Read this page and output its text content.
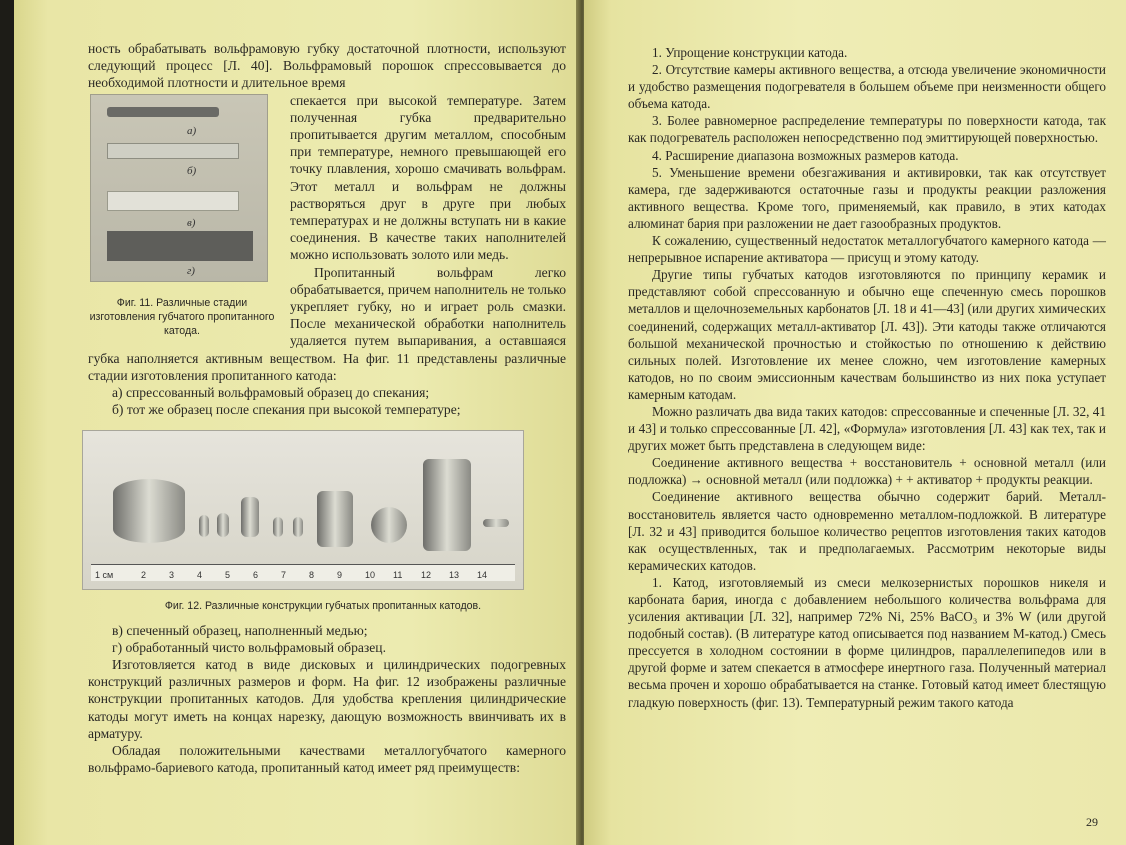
ность обрабатывать вольфрамовую губку достаточной плотности, используют следующий процесс [Л. 40]. Вольфрамовый порошок спрессовывается до необходимой плотности и длительное время

а)
б)
в)
г)
Фиг. 11. Различные стадии изготовления губчатого пропитанного катода.

спекается при высокой температуре. Затем полученная губка предварительно пропитывается другим металлом, способным при температуре, немного превышающей его точку плавления, хорошо смачивать вольфрам. Этот металл и вольфрам не должны растворяться друг в друге при любых температурах и не должны вступать ни в какие соединения. В качестве таких наполнителей можно использовать золото или медь.

Пропитанный вольфрам легко обрабатывается, причем наполнитель не только укрепляет губку, но и играет роль смазки. После механической обработки наполнитель удаляется путем выпаривания, а оставшаяся губка наполняется активным веществом. На фиг. 11 представлены различные стадии изготовления пропитанного катода:

а) спрессованный вольфрамовый образец до спекания;

б) тот же образец после спекания при высокой температуре;

1 см	2	3	4	5	6	7	8	9	10 11 12 13 14
Фиг. 12. Различные конструкции губчатых пропитанных катодов.

в) спеченный образец, наполненный медью;

г) обработанный чисто вольфрамовый образец.

Изготовляется катод в виде дисковых и цилиндрических подогревных конструкций различных размеров и форм. На фиг. 12 изображены различные конструкции пропитанных катодов. Для удобства крепления цилиндрические катоды могут иметь на концах нарезку, дающую возможность ввинчивать их в арматуру.

Обладая положительными качествами металлогубчатого камерного вольфрамо-бариевого катода, пропитанный катод имеет ряд преимуществ:

1. Упрощение конструкции катода.

2. Отсутствие камеры активного вещества, а отсюда увеличение экономичности и удобство размещения подогревателя в большем объеме при неизменности общего объема катода.

3. Более равномерное распределение температуры по поверхности катода, так как подогреватель расположен непосредственно под эмиттирующей поверхностью.

4. Расширение диапазона возможных размеров катода.

5. Уменьшение времени обезгаживания и активировки, так как отсутствует камера, где задерживаются остаточные газы и продукты реакции разложения активного вещества. Кроме того, применяемый, как правило, в этих катодах алюминат бария при разложении не дает газообразных продуктов.

К сожалению, существенный недостаток металлогубчатого камерного катода — непрерывное испарение активатора — присущ и этому катоду.

Другие типы губчатых катодов изготовляются по принципу керамик и представляют собой спрессованную и обычно еще спеченную смесь порошков металлов и щелочноземельных карбонатов [Л. 18 и 41—43] (или других химических соединений, содержащих металл-активатор [Л. 43]). Эти катоды также отличаются большой механической прочностью и стойкостью по отношению к действию сильных полей. Изготовление их менее сложно, чем изготовление камерных катодов, но по своим эмиссионным качествам большинство из них пока уступает камерным катодам.

Можно различать два вида таких катодов: спрессованные и спеченные [Л. 32, 41 и 43] и только спрессованные [Л. 42], «Формула» изготовления [Л. 43] как тех, так и других может быть представлена в следующем виде:

Соединение активного вещества + восстановитель + основной металл (или подложка) → основной металл (или подложка) + + активатор + продукты реакции.

Соединение активного вещества обычно содержит барий. Металл-восстановитель является часто одновременно металлом-подложкой. В литературе [Л. 32 и 43] приводится большое количество рецептов изготовления таких катодов как осуществленных, так и предполагаемых. Рассмотрим некоторые виды керамических катодов.

1. Катод, изготовляемый из смеси мелкозернистых порошков никеля и карбоната бария, иногда с добавлением небольшого количества вольфрама для усиления активации [Л. 32], например 72% Ni, 25% BaCO₃ и 3% W (или другой подобный состав). (В литературе катод описывается под названием M-катод.) Смесь прессуется в холодном состоянии в форме цилиндров, параллелепипедов или в другой форме и затем спекается в атмосфере инертного газа. Полученный материал весьма прочен и хорошо обрабатывается на станке. Готовый катод имеет блестящую гладкую поверхность (фиг. 13). Температурный режим такого катода

29
